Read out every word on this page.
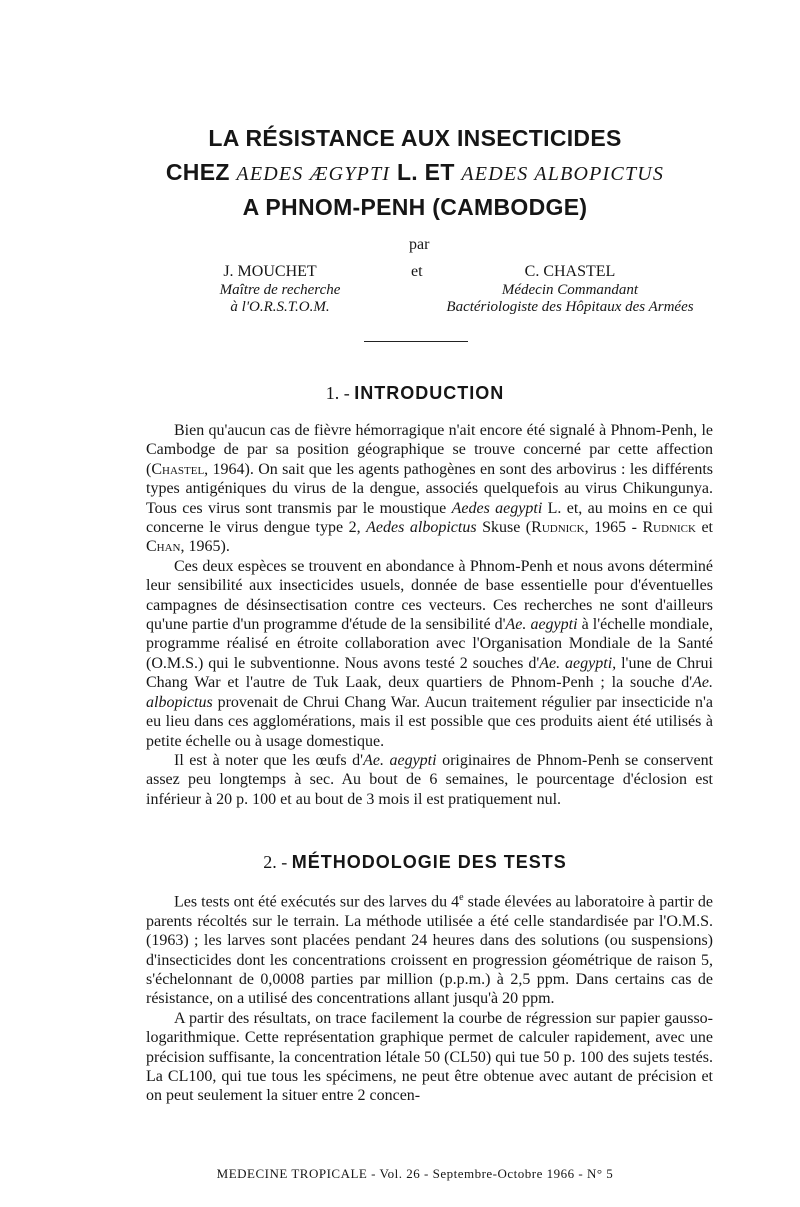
LA RÉSISTANCE AUX INSECTICIDES
CHEZ AEDES ÆGYPTI L. ET AEDES ALBOPICTUS
A PHNOM-PENH (CAMBODGE)
par
J. MOUCHET
Maître de recherche
à l'O.R.S.T.O.M.
et	C. CHASTEL
Médecin Commandant
Bactériologiste des Hôpitaux des Armées
1. - INTRODUCTION

Bien qu'aucun cas de fièvre hémorragique n'ait encore été signalé à Phnom-Penh, le Cambodge de par sa position géographique se trouve concerné par cette affection (Chastel, 1964). On sait que les agents pathogènes en sont des arbovirus : les différents types antigéniques du virus de la dengue, associés quelquefois au virus Chikungunya. Tous ces virus sont transmis par le moustique Aedes aegypti L. et, au moins en ce qui concerne le virus dengue type 2, Aedes albopictus Skuse (Rudnick, 1965 - Rudnick et Chan, 1965).

Ces deux espèces se trouvent en abondance à Phnom-Penh et nous avons déterminé leur sensibilité aux insecticides usuels, donnée de base essentielle pour d'éventuelles campagnes de désinsectisation contre ces vecteurs. Ces recherches ne sont d'ailleurs qu'une partie d'un programme d'étude de la sensibilité d'Ae. aegypti à l'échelle mondiale, programme réalisé en étroite collaboration avec l'Organisation Mondiale de la Santé (O.M.S.) qui le subventionne. Nous avons testé 2 souches d'Ae. aegypti, l'une de Chrui Chang War et l'autre de Tuk Laak, deux quartiers de Phnom-Penh ; la souche d'Ae. albopictus provenait de Chrui Chang War. Aucun traitement régulier par insecticide n'a eu lieu dans ces agglomérations, mais il est possible que ces produits aient été utilisés à petite échelle ou à usage domestique.

Il est à noter que les œufs d'Ae. aegypti originaires de Phnom-Penh se conservent assez peu longtemps à sec. Au bout de 6 semaines, le pourcentage d'éclosion est inférieur à 20 p. 100 et au bout de 3 mois il est pratiquement nul.

2. - MÉTHODOLOGIE DES TESTS

Les tests ont été exécutés sur des larves du 4e stade élevées au laboratoire à partir de parents récoltés sur le terrain. La méthode utilisée a été celle standardisée par l'O.M.S. (1963) ; les larves sont placées pendant 24 heures dans des solutions (ou suspensions) d'insecticides dont les concentrations croissent en progression géométrique de raison 5, s'échelonnant de 0,0008 parties par million (p.p.m.) à 2,5 ppm. Dans certains cas de résistance, on a utilisé des concentrations allant jusqu'à 20 ppm.

A partir des résultats, on trace facilement la courbe de régression sur papier gausso-logarithmique. Cette représentation graphique permet de calculer rapidement, avec une précision suffisante, la concentration létale 50 (CL50) qui tue 50 p. 100 des sujets testés. La CL100, qui tue tous les spécimens, ne peut être obtenue avec autant de précision et on peut seulement la situer entre 2 concen-

MEDECINE TROPICALE - Vol. 26 - Septembre-Octobre 1966 - N° 5
